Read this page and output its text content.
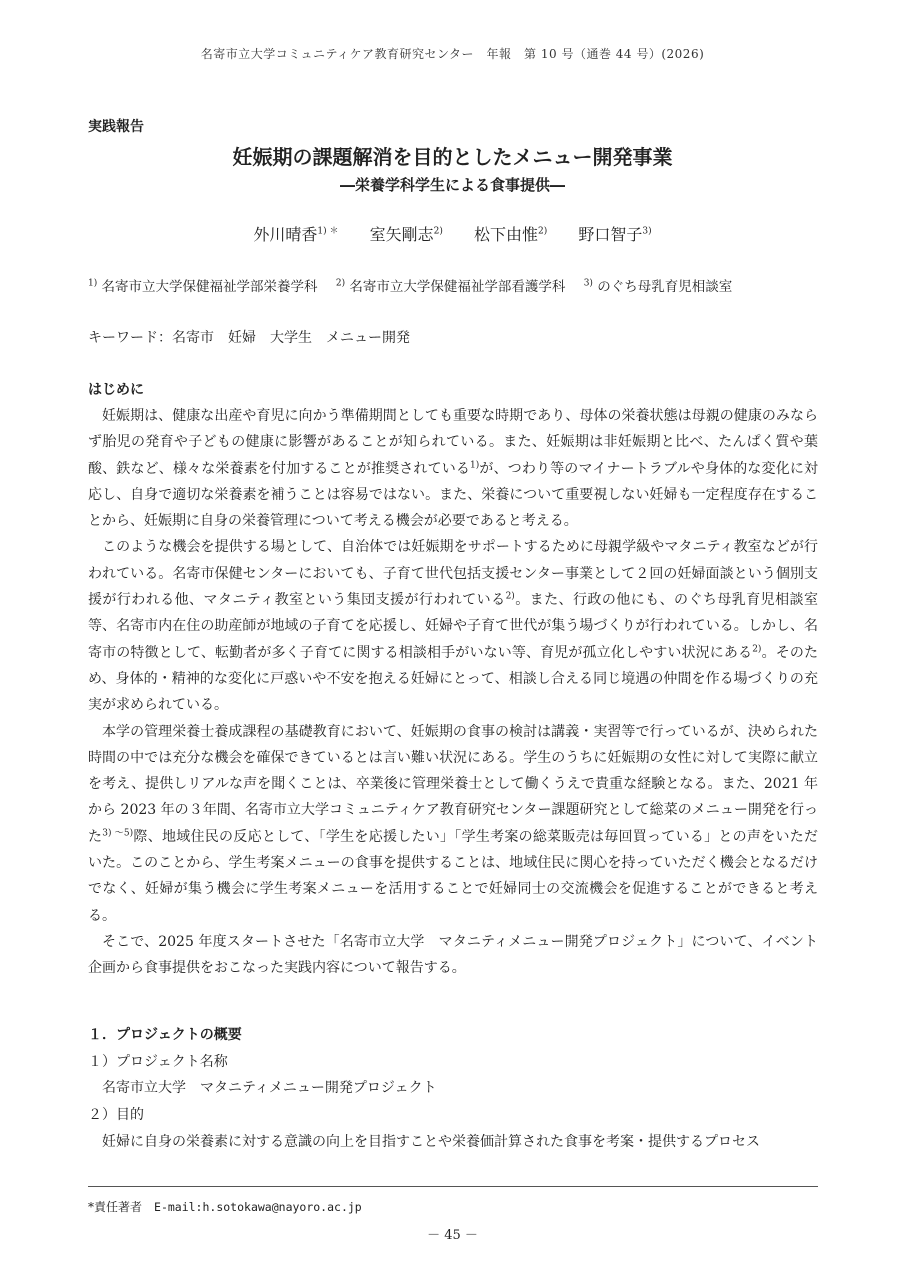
名寄市立大学コミュニティケア教育研究センター　年報　第 10 号（通巻 44 号）(2026)
実践報告
妊娠期の課題解消を目的としたメニュー開発事業
―栄養学科学生による食事提供―
外川晴香$^{1) *}$ 室矢剛志$^{2)}$ 松下由惟$^{2)}$ 野口智子$^{3)}$
$^{1)}$ 名寄市立大学保健福祉学部栄養学科 $^{2)}$ 名寄市立大学保健福祉学部看護学科 $^{3)}$ のぐち母乳育児相談室
キーワード：名寄市 妊婦 大学生 メニュー開発
はじめに

妊娠期は、健康な出産や育児に向かう準備期間としても重要な時期であり、母体の栄養状態は母親の健康のみならず胎児の発育や子どもの健康に影響があることが知られている。また、妊娠期は非妊娠期と比べ、たんぱく質や葉酸、鉄など、様々な栄養素を付加することが推奨されている$^{1)}$が、つわり等のマイナートラブルや身体的な変化に対応し、自身で適切な栄養素を補うことは容易ではない。また、栄養について重要視しない妊婦も一定程度存在することから、妊娠期に自身の栄養管理について考える機会が必要であると考える。

このような機会を提供する場として、自治体では妊娠期をサポートするために母親学級やマタニティ教室などが行われている。名寄市保健センターにおいても、子育て世代包括支援センター事業として２回の妊婦面談という個別支援が行われる他、マタニティ教室という集団支援が行われている$^{2)}$。また、行政の他にも、のぐち母乳育児相談室等、名寄市内在住の助産師が地域の子育てを応援し、妊婦や子育て世代が集う場づくりが行われている。しかし、名寄市の特徴として、転勤者が多く子育てに関する相談相手がいない等、育児が孤立化しやすい状況にある$^{2)}$。そのため、身体的・精神的な変化に戸惑いや不安を抱える妊婦にとって、相談し合える同じ境遇の仲間を作る場づくりの充実が求められている。

本学の管理栄養士養成課程の基礎教育において、妊娠期の食事の検討は講義・実習等で行っているが、決められた時間の中では充分な機会を確保できているとは言い難い状況にある。学生のうちに妊娠期の女性に対して実際に献立を考え、提供しリアルな声を聞くことは、卒業後に管理栄養士として働くうえで貴重な経験となる。また、2021 年から 2023 年の３年間、名寄市立大学コミュニティケア教育研究センター課題研究として総菜のメニュー開発を行った$^{3) \sim 5)}$際、地域住民の反応として、「学生を応援したい」「学生考案の総菜販売は毎回買っている」との声をいただいた。このことから、学生考案メニューの食事を提供することは、地域住民に関心を持っていただく機会となるだけでなく、妊婦が集う機会に学生考案メニューを活用することで妊婦同士の交流機会を促進することができると考える。

そこで、2025 年度スタートさせた「名寄市立大学　マタニティメニュー開発プロジェクト」について、イベント企画から食事提供をおこなった実践内容について報告する。

１．プロジェクトの概要
１）プロジェクト名称
名寄市立大学　マタニティメニュー開発プロジェクト
２）目的
妊婦に自身の栄養素に対する意識の向上を目指すことや栄養価計算された食事を考案・提供するプロセス
*責任著者　E-mail:h.sotokawa@nayoro.ac.jp
－ 45 －
